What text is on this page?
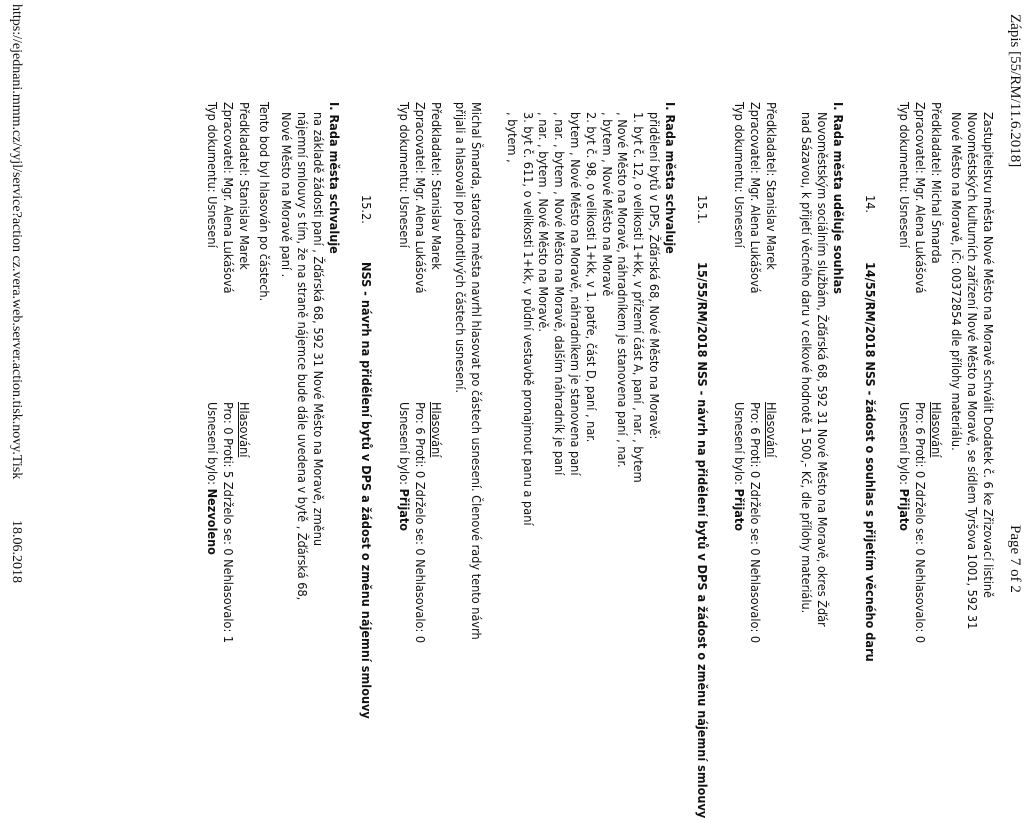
Zápis [55/RM/11.6.2018]
Page 7 of 2
Zastupitelstvu města Nové Město na Moravě schválit Dodatek č. 6 ke Zřizovací listině
Novoměstských kulturních zařízení Nové Město na Moravě, se sídlem Tyršova 1001, 592 31
Nové Město na Moravě, IČ: 00372854 dle přílohy materiálu.
Předkladatel: Michal Šmarda
Zpracovatel: Mgr. Alena Lukášová
Typ dokumentu: Usnesení
Hlasování
Pro: 6 Proti: 0 Zdrželo se: 0 Nehlasovalo: 0
Usnesení bylo: Přijato
14.
14/55/RM/2018 NSS - žádost o souhlas s přijetím věcného daru
I. Rada města uděluje souhlas
Novoměstským sociálním službám, Žďárská 68, 592 31 Nové Město na Moravě, okres Žďár
nad Sázavou, k přijetí věcného daru v celkové hodnotě 1 500,- Kč, dle přílohy materiálu.
Předkladatel: Stanislav Marek
Zpracovatel: Mgr. Alena Lukášová
Typ dokumentu: Usnesení
Hlasování
Pro: 6 Proti: 0 Zdrželo se: 0 Nehlasovalo: 0
Usnesení bylo: Přijato
15.1.
15/55/RM/2018 NSS - návrh na přidělení bytů v DPS a žádost o změnu nájemní smlouvy
I. Rada města schvaluje
přidělení bytů v DPS, Žďárská 68, Nové Město na Moravě:
1. byt č. 12, o velikosti 1+kk, v přízemí část A, paní , nar. , bytem
, Nové Město na Moravě, náhradníkem je stanovena paní , nar.
, bytem , Nové Město na Moravě
2. byt č. 98, o velikosti 1+kk, v 1. patře, část D, paní , nar.
bytem , Nové Město na Moravě, náhradníkem je stanovena paní
, nar. , bytem , Nové Město na Moravě, dalším náhradník je paní
, nar. , bytem , Nové Město na Moravě.
3. byt č. 611, o velikosti 1+kk, v půdní vestavbě pronajmout panu a paní
, bytem ,
Michal Šmarda, starosta města navrhl hlasovat po částech usnesení. Členové rady tento návrh
přijali a hlasovali po jednotlivých částech usnesení.
Předkladatel: Stanislav Marek
Zpracovatel: Mgr. Alena Lukášová
Typ dokumentu: Usnesení
Hlasování
Pro: 6 Proti: 0 Zdrželo se: 0 Nehlasovalo: 0
Usnesení bylo: Přijato
15.2.
NSS - návrh na přidělení bytů v DPS a žádost o změnu nájemní smlouvy
I. Rada města schvaluje
na základě žádosti paní , Žďárská 68, 592 31 Nové Město na Moravě, změnu
nájemní smlouvy s tím, že na straně nájemce bude dále uvedena v bytě , Žďárská 68,
Nové Město na Moravě paní .
Tento bod byl hlasován po částech.
Předkladatel: Stanislav Marek
Zpracovatel: Mgr. Alena Lukášová
Typ dokumentu: Usnesení
Hlasování
Pro: 0 Proti: 5 Zdrželo se: 0 Nehlasovalo: 1
Usnesení bylo: Nezvoleno
https://ejednani.mmm.cz/vyjl/service?action cz.vera.web.server.action.tisk.novy.Tisk
18.06.2018
